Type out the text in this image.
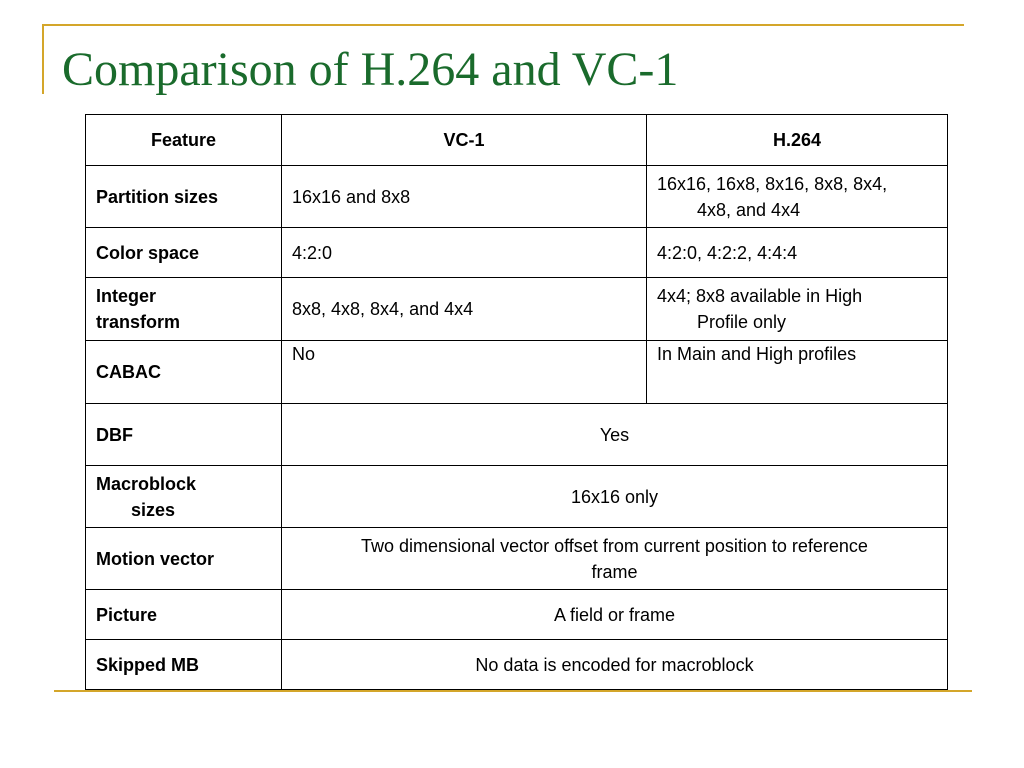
Comparison of H.264 and VC-1
Feature	VC-1	H.264
Partition sizes	16x16 and 8x8	16x16, 16x8, 8x16, 8x8, 8x4,
4x8, and 4x4

Color space	4:2:0	4:2:0, 4:2:2, 4:4:4

Integer
transform	8x8, 4x8, 8x4, and 4x4	4x4; 8x8 available in High
Profile only

CABAC	No	In Main and High profiles
DBF	Yes	

Macroblock
sizes	16x16 only	
Motion vector	Two dimensional vector offset from current position to reference
frame	

Picture	A field or frame	
Skipped MB	No data is encoded for macroblock	
